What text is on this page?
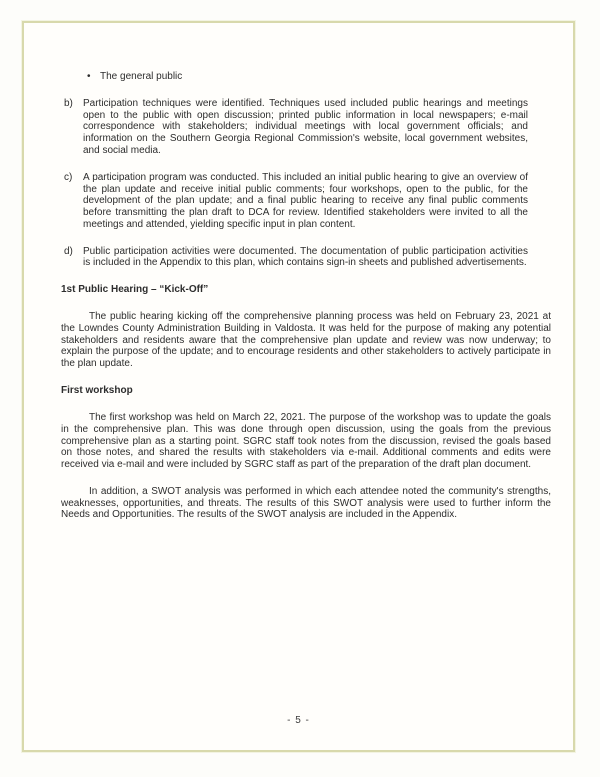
• The general public
b)	Participation techniques were identified. Techniques used included public hearings and meetings open to the public with open discussion; printed public information in local newspapers; e-mail correspondence with stakeholders; individual meetings with local government officials; and information on the Southern Georgia Regional Commission's website, local government websites, and social media.
c)	A participation program was conducted. This included an initial public hearing to give an overview of the plan update and receive initial public comments; four workshops, open to the public, for the development of the plan update; and a final public hearing to receive any final public comments before transmitting the plan draft to DCA for review. Identified stakeholders were invited to all the meetings and attended, yielding specific input in plan content.
d)	Public participation activities were documented. The documentation of public participation activities is included in the Appendix to this plan, which contains sign-in sheets and published advertisements.
1st Public Hearing – “Kick-Off”

The public hearing kicking off the comprehensive planning process was held on February 23, 2021 at the Lowndes County Administration Building in Valdosta. It was held for the purpose of making any potential stakeholders and residents aware that the comprehensive plan update and review was now underway; to explain the purpose of the update; and to encourage residents and other stakeholders to actively participate in the plan update.

First workshop

The first workshop was held on March 22, 2021. The purpose of the workshop was to update the goals in the comprehensive plan. This was done through open discussion, using the goals from the previous comprehensive plan as a starting point. SGRC staff took notes from the discussion, revised the goals based on those notes, and shared the results with stakeholders via e-mail. Additional comments and edits were received via e-mail and were included by SGRC staff as part of the preparation of the draft plan document.

In addition, a SWOT analysis was performed in which each attendee noted the community's strengths, weaknesses, opportunities, and threats. The results of this SWOT analysis were used to further inform the Needs and Opportunities. The results of the SWOT analysis are included in the Appendix.

- 5 -
